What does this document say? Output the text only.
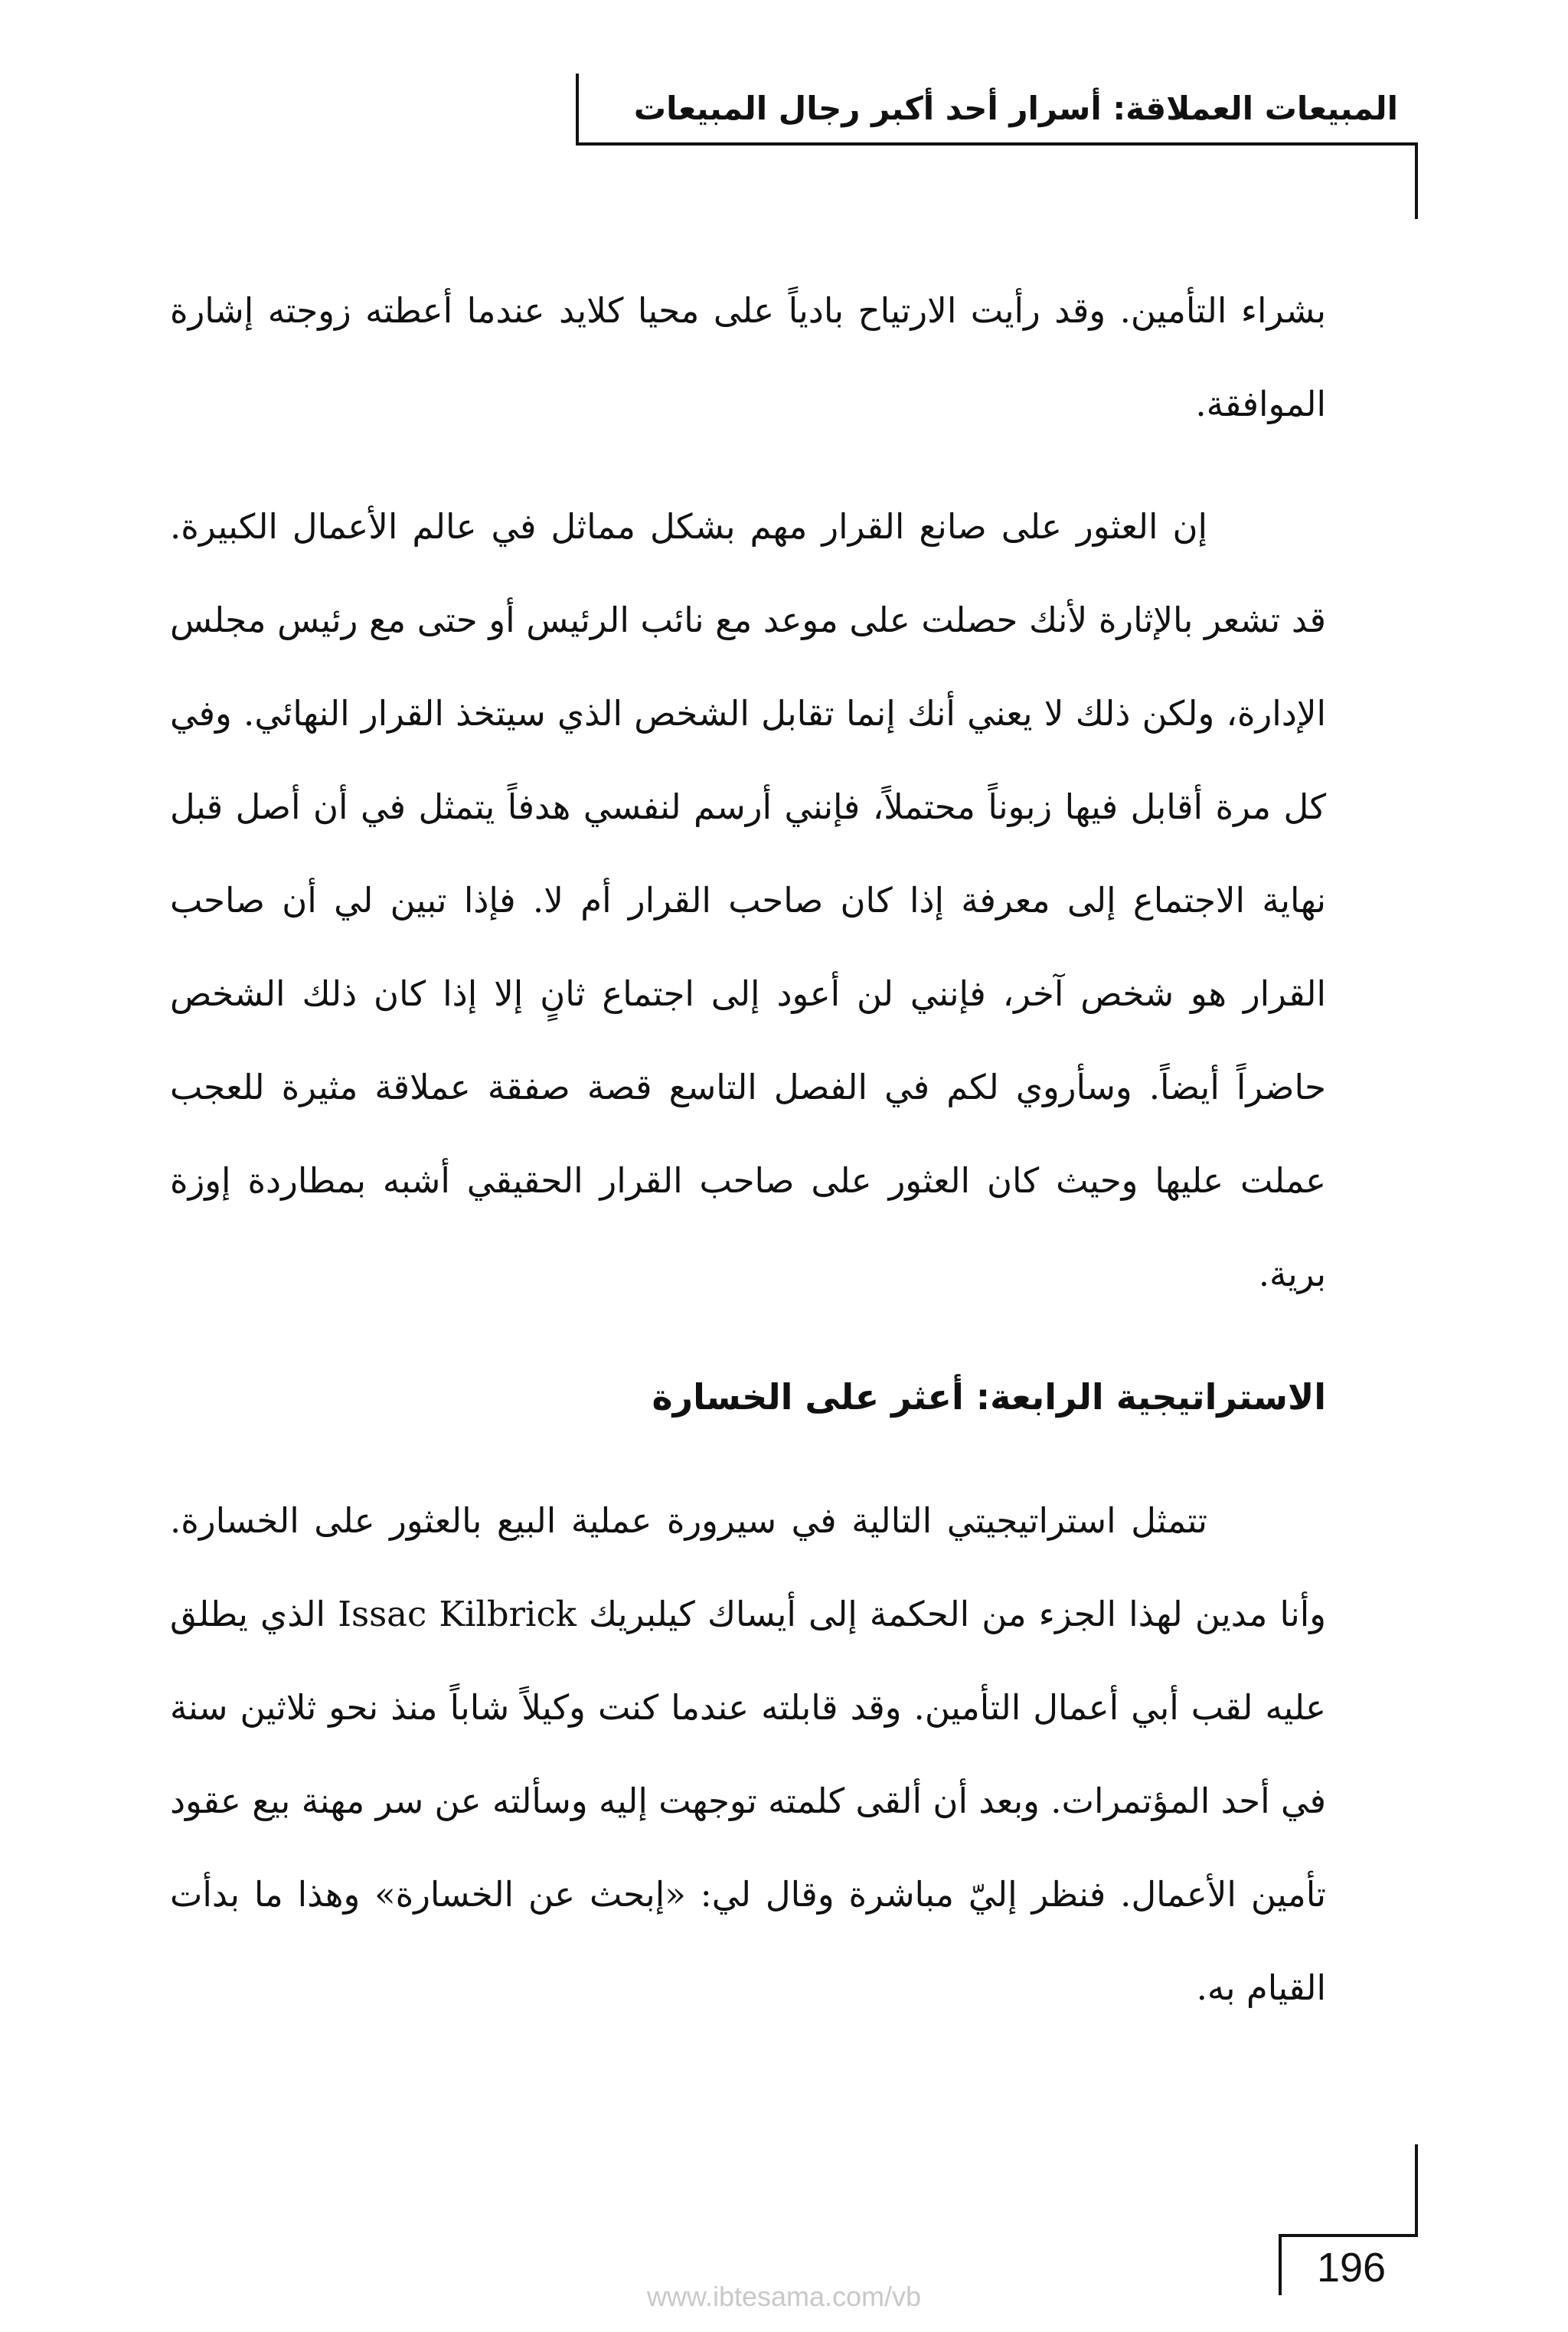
المبيعات العملاقة: أسرار أحد أكبر رجال المبيعات

بشراء التأمين. وقد رأيت الارتياح بادياً على محيا كلايد عندما أعطته زوجته إشارة الموافقة.

إن العثور على صانع القرار مهم بشكل مماثل في عالم الأعمال الكبيرة. قد تشعر بالإثارة لأنك حصلت على موعد مع نائب الرئيس أو حتى مع رئيس مجلس الإدارة، ولكن ذلك لا يعني أنك إنما تقابل الشخص الذي سيتخذ القرار النهائي. وفي كل مرة أقابل فيها زبوناً محتملاً، فإنني أرسم لنفسي هدفاً يتمثل في أن أصل قبل نهاية الاجتماع إلى معرفة إذا كان صاحب القرار أم لا. فإذا تبين لي أن صاحب القرار هو شخص آخر، فإنني لن أعود إلى اجتماع ثانٍ إلا إذا كان ذلك الشخص حاضراً أيضاً. وسأروي لكم في الفصل التاسع قصة صفقة عملاقة مثيرة للعجب عملت عليها وحيث كان العثور على صاحب القرار الحقيقي أشبه بمطاردة إوزة برية.

الاستراتيجية الرابعة: أعثر على الخسارة

تتمثل استراتيجيتي التالية في سيرورة عملية البيع بالعثور على الخسارة. وأنا مدين لهذا الجزء من الحكمة إلى أيساك كيلبريك Issac Kilbrick الذي يطلق عليه لقب أبي أعمال التأمين. وقد قابلته عندما كنت وكيلاً شاباً منذ نحو ثلاثين سنة في أحد المؤتمرات. وبعد أن ألقى كلمته توجهت إليه وسألته عن سر مهنة بيع عقود تأمين الأعمال. فنظر إليّ مباشرة وقال لي: «إبحث عن الخسارة» وهذا ما بدأت القيام به.

196
www.ibtesama.com/vb
